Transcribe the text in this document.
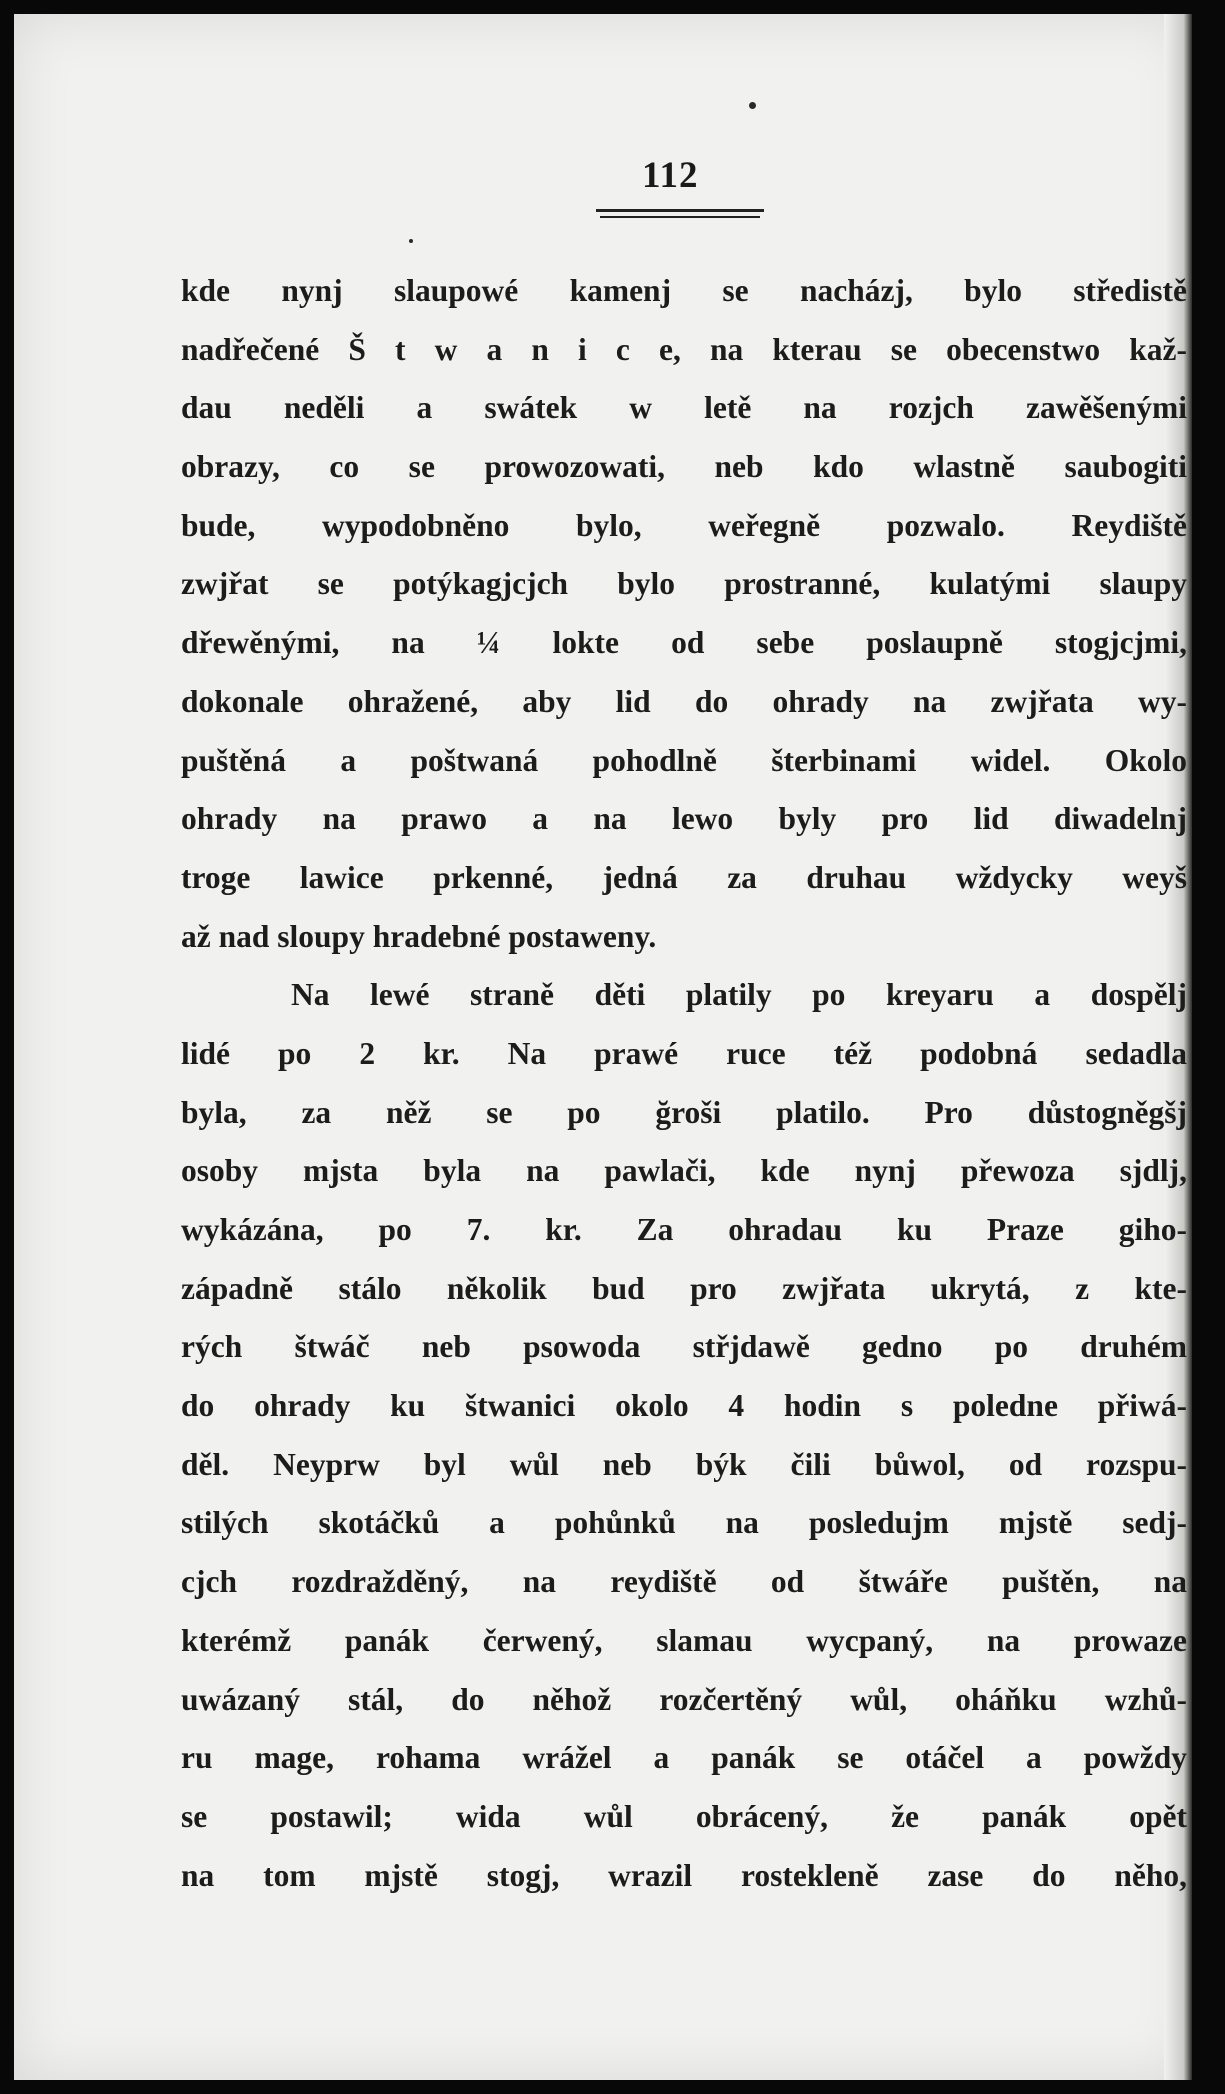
112
kde nynj slaupowé kamenj se nacházj, bylo středistě
nadřečené Š t w a n i c e, na kterau se obecenstwo kaž-
dau neděli a swátek w letě na rozjch zawěšenými
obrazy, co se prowozowati, neb kdo wlastně saubogiti
bude, wypodobněno bylo, weřegně pozwalo. Reydiště
zwjřat se potýkagjcjch bylo prostranné, kulatými slaupy
dřewěnými, na ¼ lokte od sebe poslaupně stogjcjmi,
dokonale ohražené, aby lid do ohrady na zwjřata wy-
puštěná a poštwaná pohodlně šterbinami widel. Okolo
ohrady na prawo a na lewo byly pro lid diwadelnj
troge lawice prkenné, jedná za druhau wždycky weyš
až nad sloupy hradebné postaweny.
Na lewé straně děti platily po kreyaru a dospělj
lidé po 2 kr. Na prawé ruce též podobná sedadla
byla, za něž se po ğroši platilo. Pro důstogněgšj
osoby mjsta byla na pawlači, kde nynj přewoza sjdlj,
wykázána, po 7. kr. Za ohradau ku Praze giho-
západně stálo několik bud pro zwjřata ukrytá, z kte-
rých štwáč neb psowoda střjdawě gedno po druhém
do ohrady ku štwanici okolo 4 hodin s poledne přiwá-
děl. Neyprw byl wůl neb býk čili bůwol, od rozspu-
stilých skotáčků a pohůnků na posledujm mjstě sedj-
cjch rozdražděný, na reydiště od štwáře puštěn, na
kterémž panák čerwený, slamau wycpaný, na prowaze
uwázaný stál, do něhož rozčertěný wůl, oháňku wzhů-
ru mage, rohama wrážel a panák se otáčel a powždy
se postawil; wida wůl obrácený, že panák opět
na tom mjstě stogj, wrazil rostekleně zase do něho,
